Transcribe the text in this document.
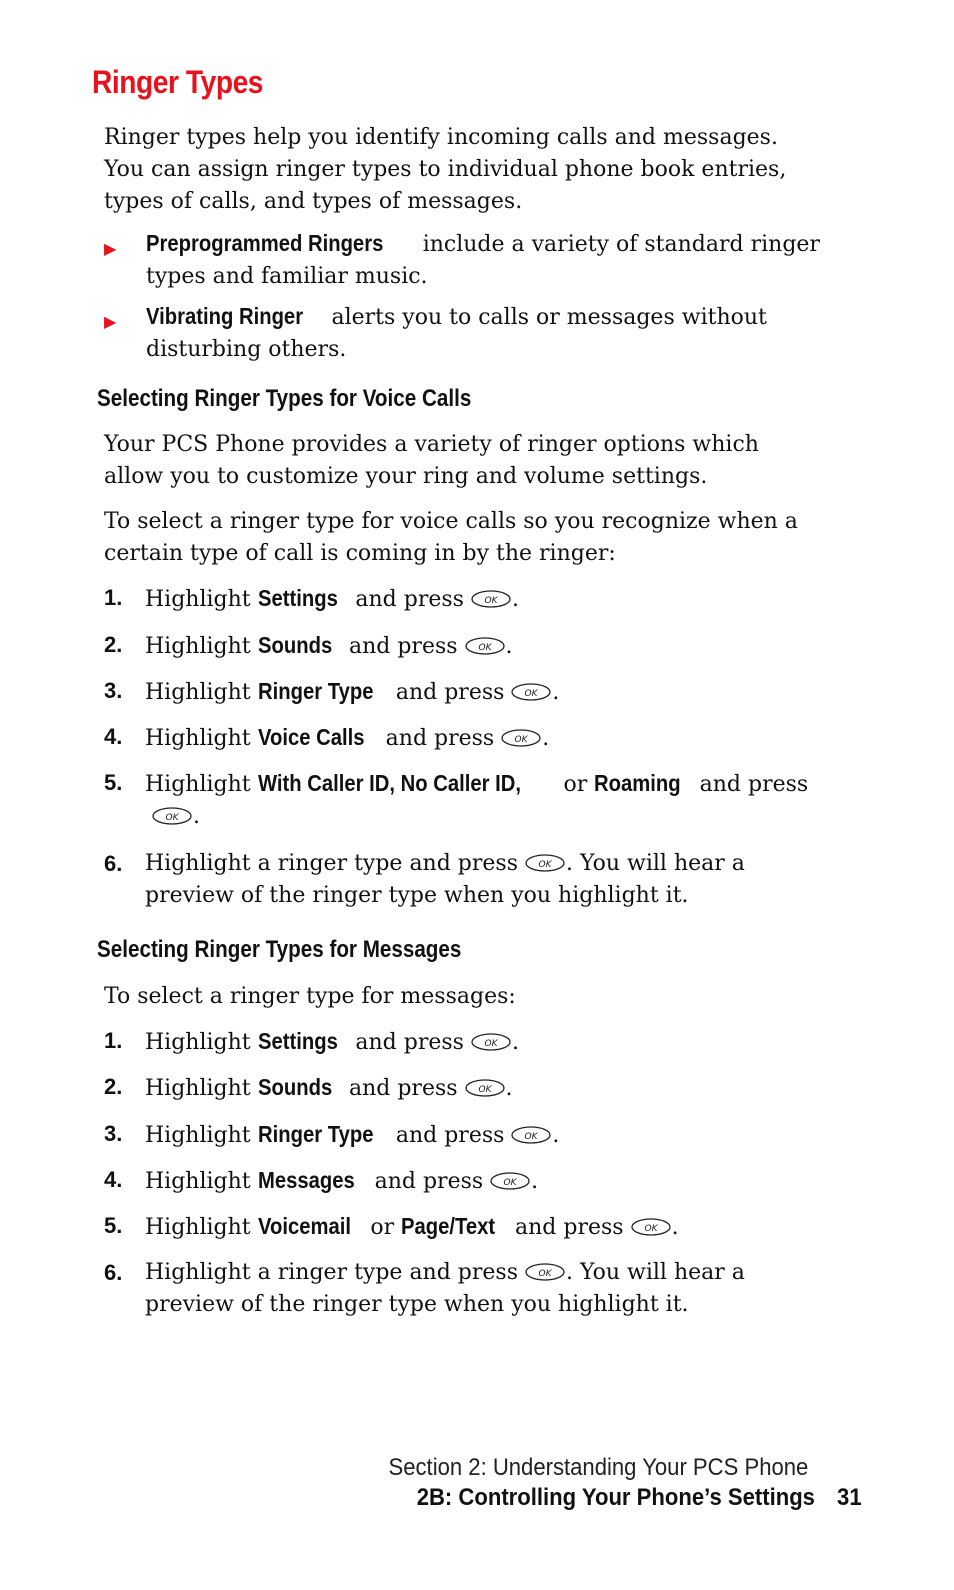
Ringer Types

Ringer types help you identify incoming calls and messages. You can assign ringer types to individual phone book entries, types of calls, and types of messages.

▶ Preprogrammed Ringers include a variety of standard ringer types and familiar music.
▶ Vibrating Ringer alerts you to calls or messages without disturbing others.
Selecting Ringer Types for Voice Calls

Your PCS Phone provides a variety of ringer options which allow you to customize your ring and volume settings.

To select a ringer type for voice calls so you recognize when a certain type of call is coming in by the ringer:

1. Highlight Settings and press OK .
2. Highlight Sounds and press OK .
3. Highlight Ringer Type and press OK .
4. Highlight Voice Calls and press OK .
5. Highlight With Caller ID, No Caller ID, or Roaming and press
OK .
6. Highlight a ringer type and press OK . You will hear a preview of the ringer type when you highlight it.
Selecting Ringer Types for Messages

To select a ringer type for messages:

1. Highlight Settings and press OK .
2. Highlight Sounds and press OK .
3. Highlight Ringer Type and press OK .
4. Highlight Messages and press OK .
5. Highlight Voicemail or Page/Text and press OK .
6. Highlight a ringer type and press OK . You will hear a preview of the ringer type when you highlight it.
Section 2: Understanding Your PCS Phone
2B: Controlling Your Phone’s Settings 31
